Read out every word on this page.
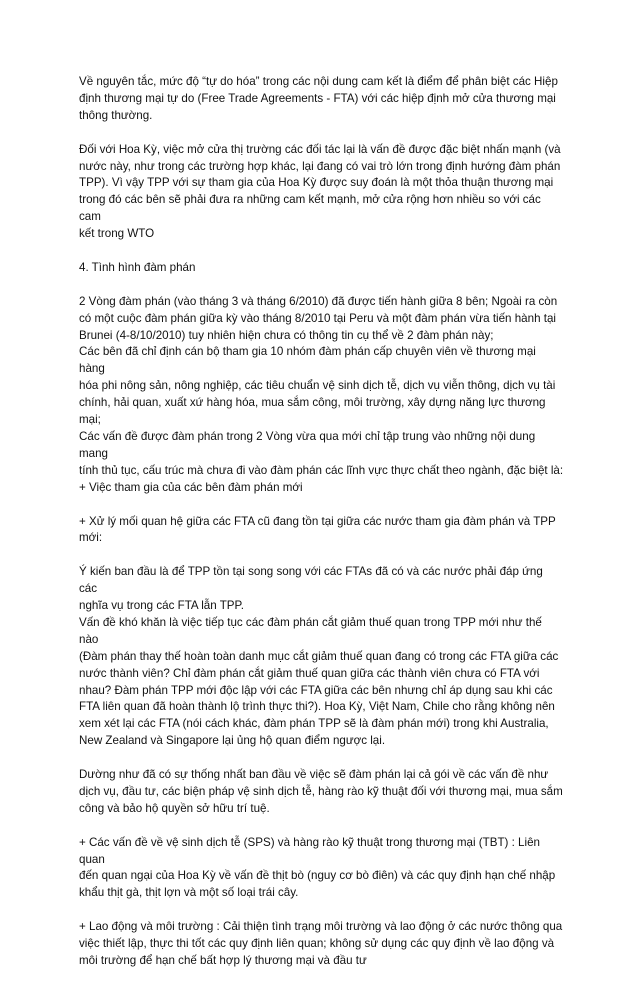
Về nguyên tắc, mức độ “tự do hóa” trong các nội dung cam kết là điểm để phân biệt các Hiệp
định thương mại tự do (Free Trade Agreements - FTA) với các hiệp định mở cửa thương mại
thông thường.

Đối với Hoa Kỳ, việc mở cửa thị trường các đối tác lại là vấn đề được đặc biệt nhấn mạnh (và
nước này, như trong các trường hợp khác, lại đang có vai trò lớn trong định hướng đàm phán
TPP). Vì vậy TPP với sự tham gia của Hoa Kỳ được suy đoán là một thỏa thuận thương mại
trong đó các bên sẽ phải đưa ra những cam kết mạnh, mở cửa rộng hơn nhiều so với các cam
kết trong WTO

4. Tình hình đàm phán

2 Vòng đàm phán (vào tháng 3 và tháng 6/2010) đã được tiến hành giữa 8 bên; Ngoài ra còn
có một cuộc đàm phán giữa kỳ vào tháng 8/2010 tại Peru và một đàm phán vừa tiến hành tại
Brunei (4-8/10/2010) tuy nhiên hiện chưa có thông tin cụ thể về 2 đàm phán này;
Các bên đã chỉ định cán bộ tham gia 10 nhóm đàm phán cấp chuyên viên về thương mại hàng
hóa phi nông sản, nông nghiệp, các tiêu chuẩn vệ sinh dịch tễ, dịch vụ viễn thông, dịch vụ tài
chính, hải quan, xuất xứ hàng hóa, mua sắm công, môi trường, xây dựng năng lực thương mại;
Các vấn đề được đàm phán trong 2 Vòng vừa qua mới chỉ tập trung vào những nội dung mang
tính thủ tục, cấu trúc mà chưa đi vào đàm phán các lĩnh vực thực chất theo ngành, đặc biệt là:
+ Việc tham gia của các bên đàm phán mới

+ Xử lý mối quan hệ giữa các FTA cũ đang tồn tại giữa các nước tham gia đàm phán và TPP
mới:

Ý kiến ban đầu là để TPP tồn tại song song với các FTAs đã có và các nước phải đáp ứng các
nghĩa vụ trong các FTA lẫn TPP.
Vấn đề khó khăn là việc tiếp tục các đàm phán cắt giảm thuế quan trong TPP mới như thế nào
(Đàm phán thay thế hoàn toàn danh mục cắt giảm thuế quan đang có trong các FTA giữa các
nước thành viên? Chỉ đàm phán cắt giảm thuế quan giữa các thành viên chưa có FTA với
nhau? Đàm phán TPP mới độc lập với các FTA giữa các bên nhưng chỉ áp dụng sau khi các
FTA liên quan đã hoàn thành lộ trình thực thi?). Hoa Kỳ, Việt Nam, Chile cho rằng không nên
xem xét lại các FTA (nói cách khác, đàm phán TPP sẽ là đàm phán mới) trong khi Australia,
New Zealand và Singapore lại ủng hộ quan điểm ngược lại.

Dường như đã có sự thống nhất ban đầu về việc sẽ đàm phán lại cả gói về các vấn đề như
dịch vụ, đầu tư, các biện pháp vệ sinh dịch tễ, hàng rào kỹ thuật đối với thương mại, mua sắm
công và bảo hộ quyền sở hữu trí tuệ.

+ Các vấn đề về vệ sinh dịch tễ (SPS) và hàng rào kỹ thuật trong thương mại (TBT) : Liên quan
đến quan ngại của Hoa Kỳ về vấn đề thịt bò (nguy cơ bò điên) và các quy định hạn chế nhập
khẩu thịt gà, thịt lợn và một số loại trái cây.

+ Lao động và môi trường : Cải thiện tình trạng môi trường và lao động ở các nước thông qua
việc thiết lập, thực thi tốt các quy định liên quan; không sử dụng các quy định về lao động và
môi trường để hạn chế bất hợp lý thương mại và đầu tư
